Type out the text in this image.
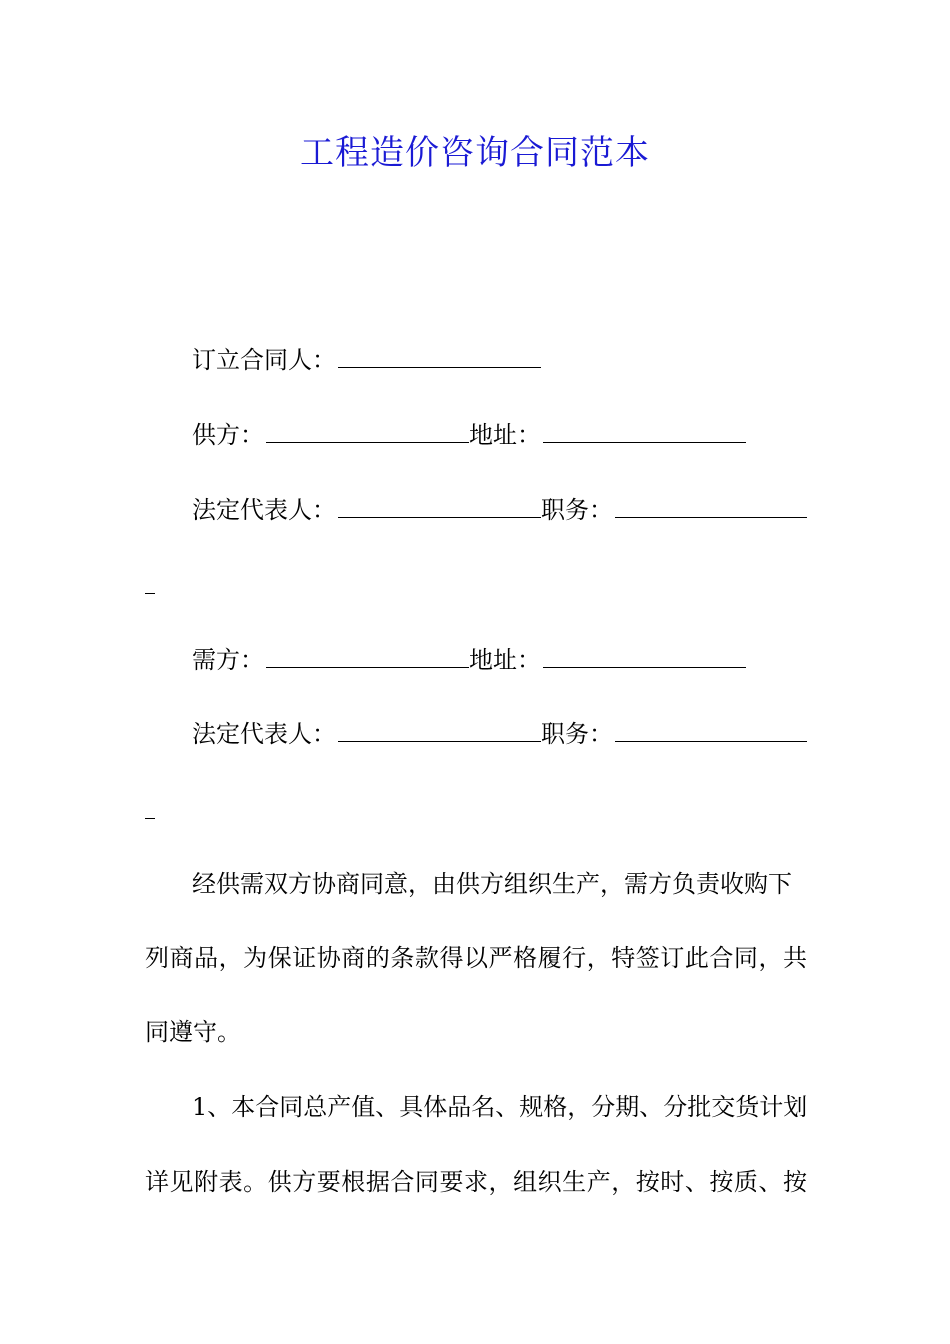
工程造价咨询合同范本
订立合同人：
供方：	地址：
法定代表人：	职务：
需方：	地址：
法定代表人：	职务：
经供需双方协商同意，由供方组织生产，需方负责收购下
列商品，为保证协商的条款得以严格履行，特签订此合同，共
同遵守。
1、本合同总产值、具体品名、规格，分期、分批交货计划
详见附表。供方要根据合同要求，组织生产，按时、按质、按
